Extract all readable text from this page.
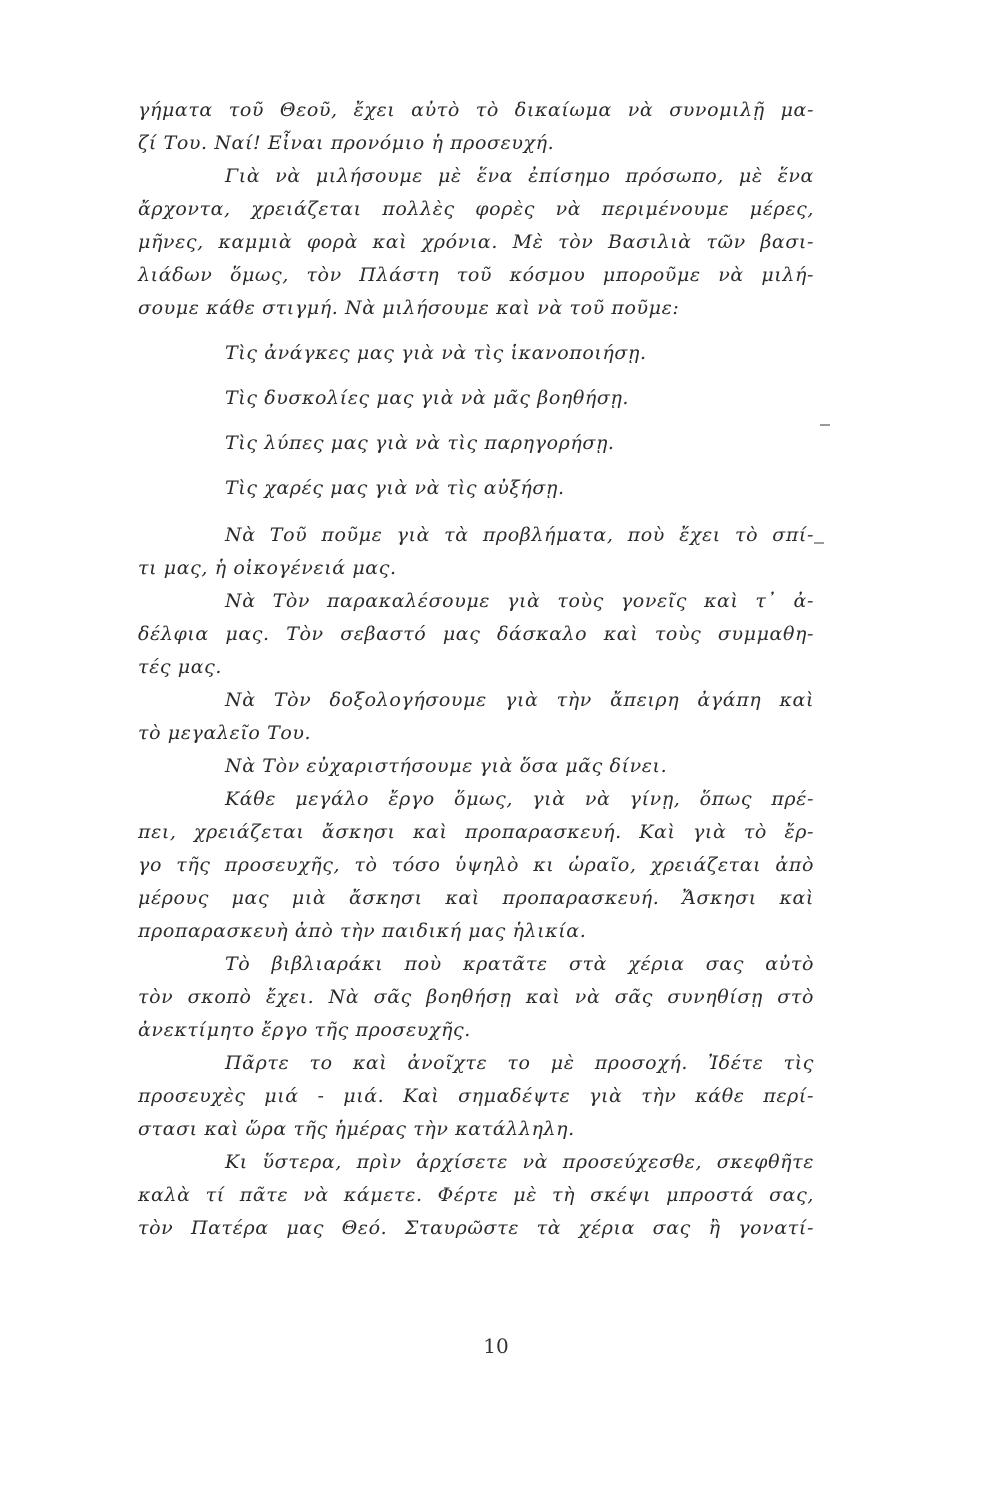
γήματα τοῦ Θεοῦ, ἔχει αὐτὸ τὸ δικαίωμα νὰ συνομιλῇ μα-
ζί Του. Ναί! Εἶναι προνόμιο ἡ προσευχή.
Γιὰ νὰ μιλήσουμε μὲ ἕνα ἐπίσημο πρόσωπο, μὲ ἕνα
ἄρχοντα, χρειάζεται πολλὲς φορὲς νὰ περιμένουμε μέρες,
μῆνες, καμμιὰ φορὰ καὶ χρόνια. Μὲ τὸν Βασιλιὰ τῶν βασι-
λιάδων ὅμως, τὸν Πλάστη τοῦ κόσμου μποροῦμε νὰ μιλή-
σουμε κάθε στιγμή. Νὰ μιλήσουμε καὶ νὰ τοῦ ποῦμε:
Τὶς ἀνάγκες μας γιὰ νὰ τὶς ἱκανοποιήσῃ.
Τὶς δυσκολίες μας γιὰ νὰ μᾶς βοηθήσῃ.
Τὶς λύπες μας γιὰ νὰ τὶς παρηγορήσῃ.
Τὶς χαρές μας γιὰ νὰ τὶς αὐξήσῃ.
Νὰ Τοῦ ποῦμε γιὰ τὰ προβλήματα, ποὺ ἔχει τὸ σπί-
τι μας, ἡ οἰκογένειά μας.
Νὰ Τὸν παρακαλέσουμε γιὰ τοὺς γονεῖς καὶ τ᾽ ἀ-
δέλφια μας. Τὸν σεβαστό μας δάσκαλο καὶ τοὺς συμμαθη-
τές μας.
Νὰ Τὸν δοξολογήσουμε γιὰ τὴν ἄπειρη ἀγάπη καὶ
τὸ μεγαλεῖο Του.
Νὰ Τὸν εὐχαριστήσουμε γιὰ ὅσα μᾶς δίνει.
Κάθε μεγάλο ἔργο ὅμως, γιὰ νὰ γίνῃ, ὅπως πρέ-
πει, χρειάζεται ἄσκησι καὶ προπαρασκευή. Καὶ γιὰ τὸ ἔρ-
γο τῆς προσευχῆς, τὸ τόσο ὑψηλὸ κι ὡραῖο, χρειάζεται ἀπὸ
μέρους μας μιὰ ἄσκησι καὶ προπαρασκευή. Ἄσκησι καὶ
προπαρασκευὴ ἀπὸ τὴν παιδική μας ἡλικία.
Τὸ βιβλιαράκι ποὺ κρατᾶτε στὰ χέρια σας αὐτὸ
τὸν σκοπὸ ἔχει. Νὰ σᾶς βοηθήσῃ καὶ νὰ σᾶς συνηθίσῃ στὸ
ἀνεκτίμητο ἔργο τῆς προσευχῆς.
Πᾶρτε το καὶ ἀνοῖχτε το μὲ προσοχή. Ἰδέτε τὶς
προσευχὲς μιά - μιά. Καὶ σημαδέψτε γιὰ τὴν κάθε περί-
στασι καὶ ὥρα τῆς ἡμέρας τὴν κατάλληλη.
Κι ὕστερα, πρὶν ἀρχίσετε νὰ προσεύχεσθε, σκεφθῆτε
καλὰ τί πᾶτε νὰ κάμετε. Φέρτε μὲ τὴ σκέψι μπροστά σας,
τὸν Πατέρα μας Θεό. Σταυρῶστε τὰ χέρια σας ἢ γονατί-
10
